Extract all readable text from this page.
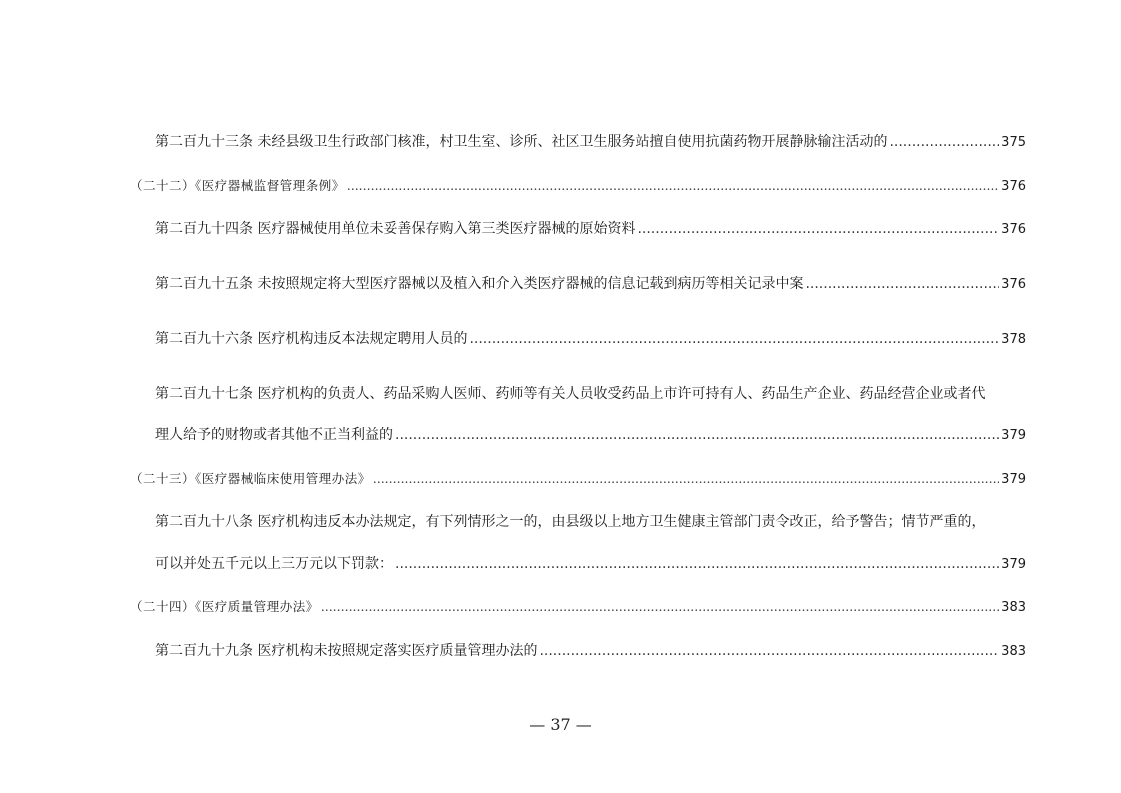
第二百九十三条 未经县级卫生行政部门核准，村卫生室、诊所、社区卫生服务站擅自使用抗菌药物开展静脉输注活动的 .....	375
（二十二）《医疗器械监督管理条例》 .....	376
第二百九十四条 医疗器械使用单位未妥善保存购入第三类医疗器械的原始资料 .....	376
第二百九十五条 未按照规定将大型医疗器械以及植入和介入类医疗器械的信息记载到病历等相关记录中案 .....	376
第二百九十六条 医疗机构违反本法规定聘用人员的 .....	378
第二百九十七条 医疗机构的负责人、药品采购人医师、药师等有关人员收受药品上市许可持有人、药品生产企业、药品经营企业或者代
理人给予的财物或者其他不正当利益的 .....	379
（二十三）《医疗器械临床使用管理办法》 .....	379
第二百九十八条 医疗机构违反本办法规定，有下列情形之一的，由县级以上地方卫生健康主管部门责令改正，给予警告；情节严重的，
可以并处五千元以上三万元以下罚款： .....	379
（二十四）《医疗质量管理办法》 .....	383
第二百九十九条 医疗机构未按照规定落实医疗质量管理办法的 .....	383
— 37 —
